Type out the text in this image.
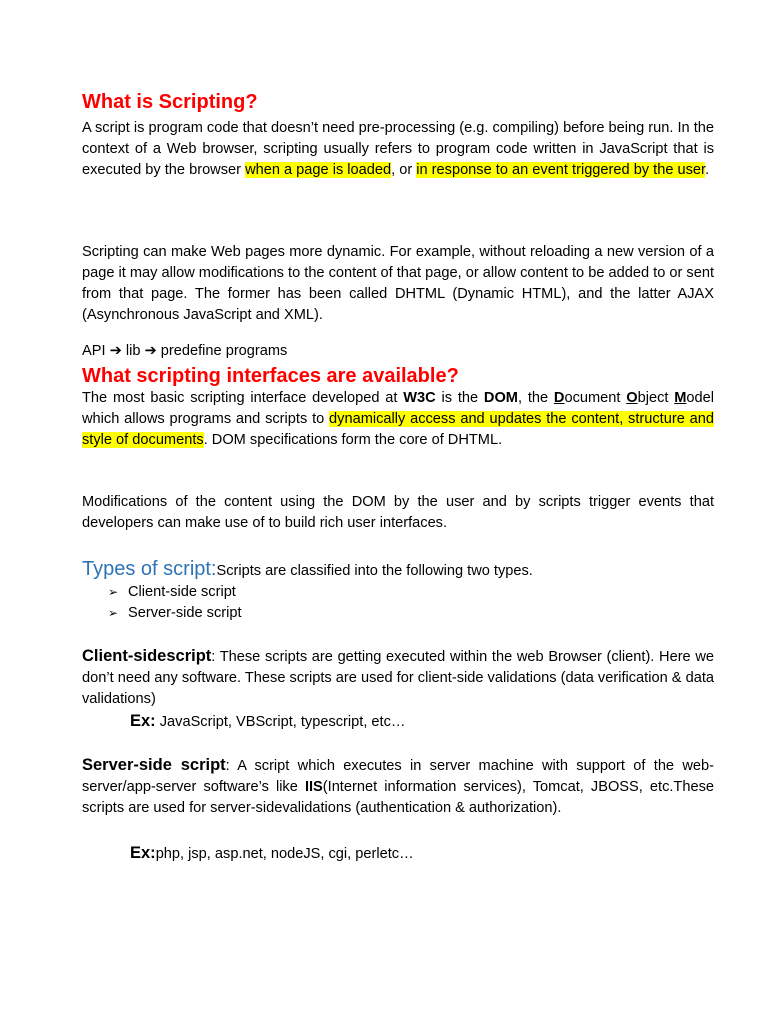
What is Scripting?

A script is program code that doesn’t need pre-processing (e.g. compiling) before being run. In the context of a Web browser, scripting usually refers to program code written in JavaScript that is executed by the browser when a page is loaded, or in response to an event triggered by the user.

Scripting can make Web pages more dynamic. For example, without reloading a new version of a page it may allow modifications to the content of that page, or allow content to be added to or sent from that page. The former has been called DHTML (Dynamic HTML), and the latter AJAX (Asynchronous JavaScript and XML).

API ➔ lib ➔ predefine programs

What scripting interfaces are available?

The most basic scripting interface developed at W3C is the DOM, the Document Object Model which allows programs and scripts to dynamically access and updates the content, structure and style of documents. DOM specifications form the core of DHTML.

Modifications of the content using the DOM by the user and by scripts trigger events that developers can make use of to build rich user interfaces.

Types of script:Scripts are classified into the following two types.

➢ Client-side script
➢ Server-side script

Client-sidescript: These scripts are getting executed within the web Browser (client). Here we don’t need any software. These scripts are used for client-side validations (data verification & data validations)

Ex: JavaScript, VBScript, typescript, etc…

Server-side script: A script which executes in server machine with support of the web-server/app-server software’s like IIS(Internet information services), Tomcat, JBOSS, etc.These scripts are used for server-sidevalidations (authentication & authorization).

Ex:php, jsp, asp.net, nodeJS, cgi, perletc…
